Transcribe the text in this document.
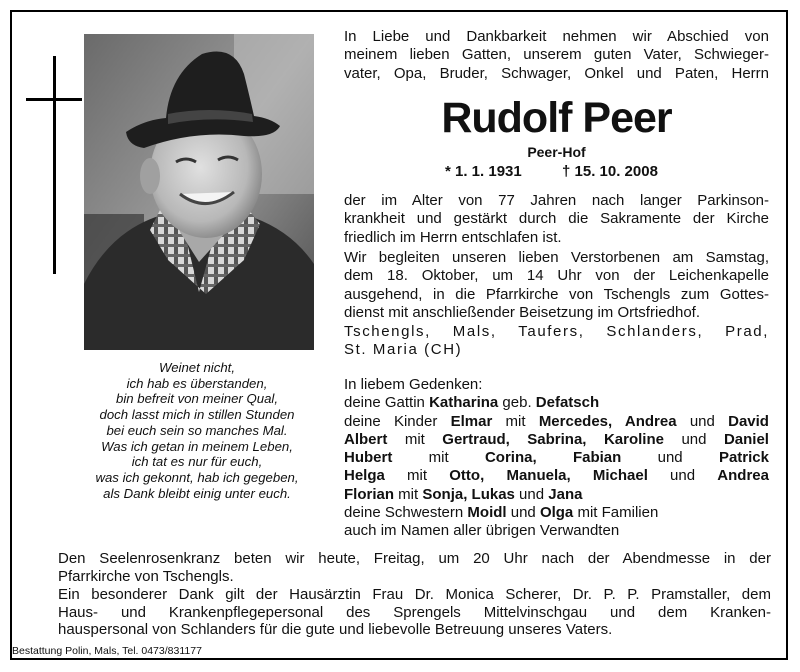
Weinet nicht,
ich hab es überstanden,
bin befreit von meiner Qual,
doch lasst mich in stillen Stunden
bei euch sein so manches Mal.
Was ich getan in meinem Leben,
ich tat es nur für euch,
was ich gekonnt, hab ich gegeben,
als Dank bleibt einig unter euch.
In Liebe und Dankbarkeit nehmen wir Abschied von
meinem lieben Gatten, unserem guten Vater, Schwieger-
vater, Opa, Bruder, Schwager, Onkel und Paten, Herrn
Rudolf Peer
Peer-Hof
* 1. 1. 1931	† 15. 10. 2008
der im Alter von 77 Jahren nach langer Parkinson-
krankheit und gestärkt durch die Sakramente der Kirche
friedlich im Herrn entschlafen ist.
Wir begleiten unseren lieben Verstorbenen am Samstag,
dem 18. Oktober, um 14 Uhr von der Leichenkapelle
ausgehend, in die Pfarrkirche von Tschengls zum Gottes-
dienst mit anschließender Beisetzung im Ortsfriedhof.
Tschengls, Mals, Taufers, Schlanders, Prad,
St. Maria (CH)
In liebem Gedenken:
deine Gattin Katharina geb. Defatsch
deine Kinder Elmar mit Mercedes, Andrea und David
Albert mit Gertraud, Sabrina, Karoline und Daniel
Hubert mit Corina, Fabian und Patrick
Helga mit Otto, Manuela, Michael und Andrea
Florian mit Sonja, Lukas und Jana
deine Schwestern Moidl und Olga mit Familien
auch im Namen aller übrigen Verwandten
Den Seelenrosenkranz beten wir heute, Freitag, um 20 Uhr nach der Abendmesse in der
Pfarrkirche von Tschengls.
Ein besonderer Dank gilt der Hausärztin Frau Dr. Monica Scherer, Dr. P. P. Pramstaller, dem
Haus- und Krankenpflegepersonal des Sprengels Mittelvinschgau und dem Kranken-
hauspersonal von Schlanders für die gute und liebevolle Betreuung unseres Vaters.
Bestattung Polin, Mals, Tel. 0473/831177
